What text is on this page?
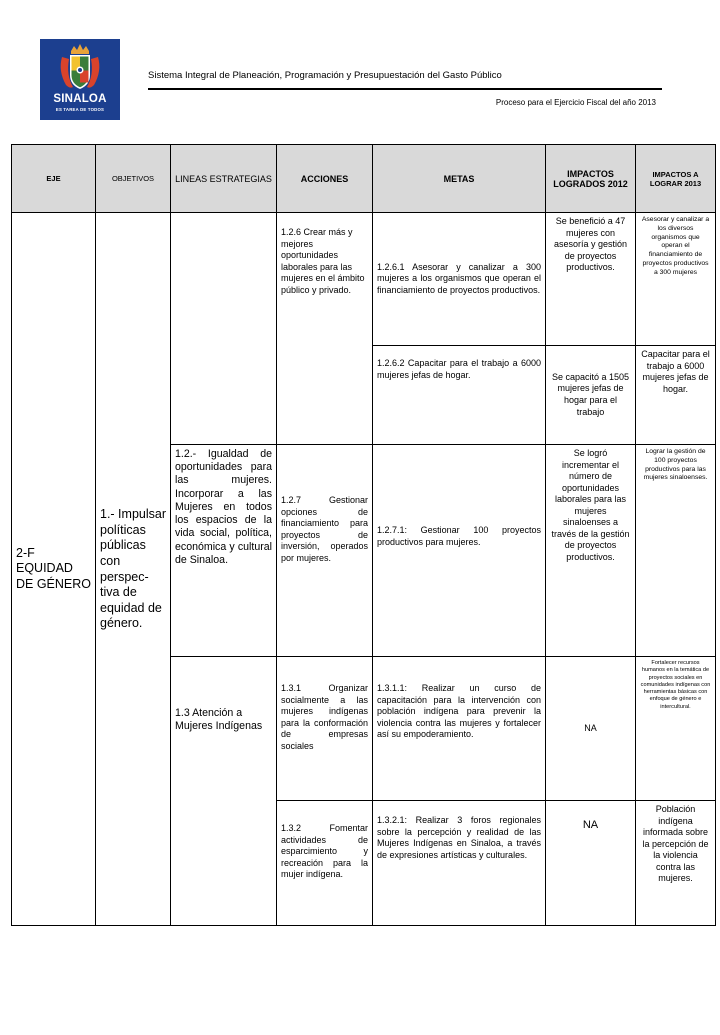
SINALOA
ES TAREA DE TODOS
Sistema Integral de Planeación, Programación y Presupuestación del Gasto Público
Proceso para el Ejercicio Fiscal del año 2013
EJE	OBJETIVOS	LINEAS ESTRATEGIAS	ACCIONES	METAS	IMPACTOS LOGRADOS 2012	IMPACTOS A LOGRAR 2013
2-F EQUIDAD DE GÉNERO	1.- Impulsar políticas públicas con perspec-tiva de equidad de género.		1.2.6 Crear más y mejores oportunidades laborales para las mujeres en el ámbito público y privado.	1.2.6.1 Asesorar y canalizar a 300 mujeres a los organismos que operan el financiamiento de proyectos productivos.	Se benefició a 47 mujeres con asesoría y gestión de proyectos productivos.	Asesorar y canalizar a los diversos organismos que operan el financiamiento de proyectos productivos a 300 mujeres
				1.2.6.2 Capacitar para el trabajo a 6000 mujeres jefas de hogar.	Se capacitó a 1505 mujeres jefas de hogar para el trabajo	Capacitar para el trabajo a 6000 mujeres jefas de hogar.
		1.2.- Igualdad de oportunidades para las mujeres. Incorporar a las Mujeres en todos los espacios de la vida social, política, económica y cultural de Sinaloa.	1.2.7 Gestionar opciones de financiamiento para proyectos de inversión, operados por mujeres.	1.2.7.1: Gestionar 100 proyectos productivos para mujeres.	Se logró incrementar el número de oportunidades laborales para las mujeres sinaloenses a través de la gestión de proyectos productivos.	Lograr la gestión de 100 proyectos productivos para las mujeres sinaloenses.
		1.3 Atención a Mujeres Indígenas	1.3.1 Organizar socialmente a las mujeres indígenas para la conformación de empresas sociales	1.3.1.1: Realizar un curso de capacitación para la intervención con población indígena para prevenir la violencia contra las mujeres y fortalecer así su empoderamiento.	NA	Fortalecer recursos humanos en la temática de proyectos sociales en comunidades indígenas con herramientas básicas con enfoque de género e intercultural.
			1.3.2 Fomentar actividades de esparcimiento y recreación para la mujer indígena.	1.3.2.1: Realizar 3 foros regionales sobre la percepción y realidad de las Mujeres Indígenas en Sinaloa, a través de expresiones artísticas y culturales.	NA	Población indígena informada sobre la percepción de la violencia contra las mujeres.
